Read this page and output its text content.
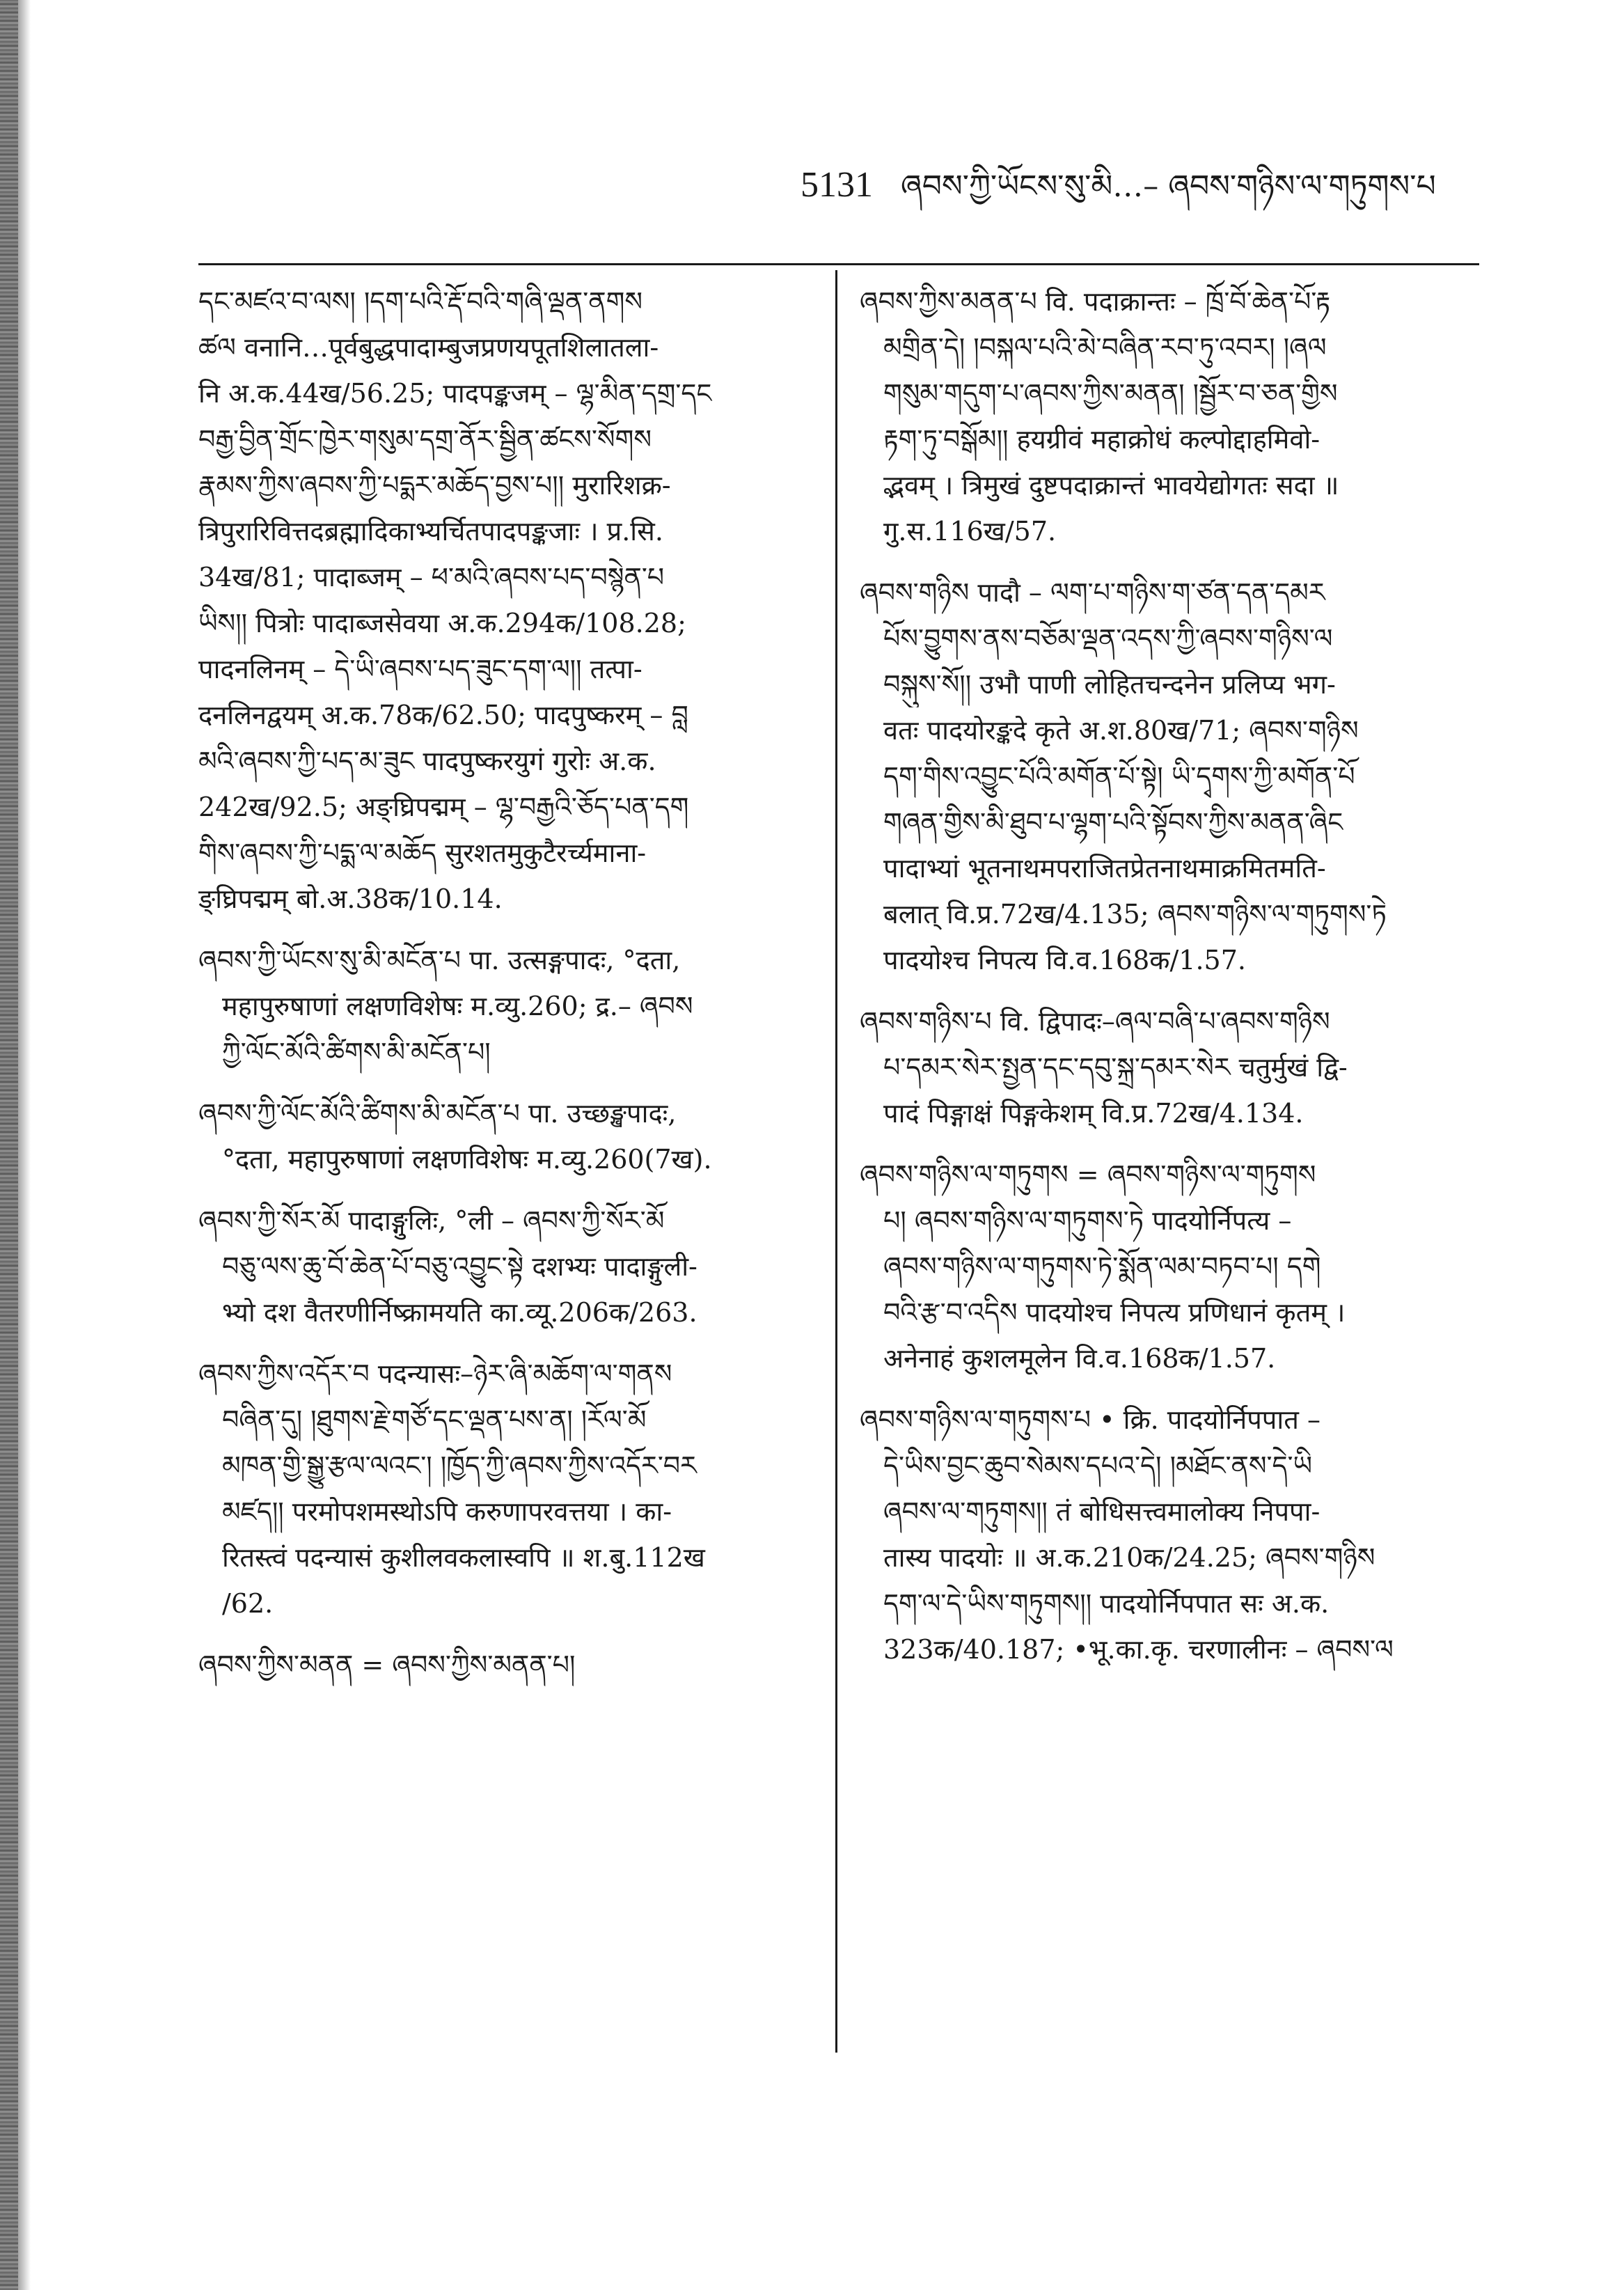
5131 ཞབས་ཀྱི་ཡོངས་སུ་མི…– ཞབས་གཉིས་ལ་གཏུགས་པ
དང་མཛའ་བ་ལས། །དག་པའི་རྡོ་བའི་གཞི་ལྡན་ནགས
ཚལ वनानि…पूर्वबुद्धपादाम्बुजप्रणयपूतशिलातला-
नि अ.क.44ख/56.25; पादपङ्कजम् – ལྷ་མིན་དགྲ་དང
བརྒྱ་བྱིན་གྲོང་ཁྱེར་གསུམ་དགྲ་ནོར་སྦྱིན་ཚངས་སོགས
རྣམས་ཀྱིས་ཞབས་ཀྱི་པདྨར་མཆོད་བྱས་པ།། मुरारिशक्र-
त्रिपुरारिवित्तदब्रह्मादिकाभ्यर्चितपादपङ्कजाः । प्र.सि.
34ख/81; पादाब्जम् – ཕ་མའི་ཞབས་པད་བསྙེན་པ
ཡིས།། पित्रोः पादाब्जसेवया अ.क.294क/108.28;
पादनलिनम् – དེ་ཡི་ཞབས་པད་ཟུང་དག་ལ།། तत्पा-
दनलिनद्वयम् अ.क.78क/62.50; पादपुष्करम् – བླ
མའི་ཞབས་ཀྱི་པད་མ་ཟུང पादपुष्करयुगं गुरोः अ.क.
242ख/92.5; अङ्घ्रिपद्मम् – ལྷ་བརྒྱའི་ཅོད་པན་དག
གིས་ཞབས་ཀྱི་པདྨ་ལ་མཆོད सुरशतमुकुटैरर्च्यमाना-
ङ्घ्रिपद्मम् बो.अ.38क/10.14.
ཞབས་ཀྱི་ཡོངས་སུ་མི་མངོན་པ पा. उत्सङ्गपादः, °दता,
महापुरुषाणां लक्षणविशेषः म.व्यु.260; द्र.– ཞབས
ཀྱི་ལོང་མོའི་ཚིགས་མི་མངོན་པ།
ཞབས་ཀྱི་ལོང་མོའི་ཚིགས་མི་མངོན་པ पा. उच्छङ्खपादः,
°दता, महापुरुषाणां लक्षणविशेषः म.व्यु.260(7ख).
ཞབས་ཀྱི་སོར་མོ पादाङ्गुलिः, °ली – ཞབས་ཀྱི་སོར་མོ
བཅུ་ལས་ཆུ་བོ་ཆེན་པོ་བཅུ་འབྱུང་སྟེ दशभ्यः पादाङ्गुली-
भ्यो दश वैतरणीर्निष्क्रामयति का.व्यू.206क/263.
ཞབས་ཀྱིས་འདོར་བ पदन्यासः–ཉེར་ཞི་མཆོག་ལ་གནས
བཞིན་དུ། །ཐུགས་རྗེ་གཙོ་དང་ལྡན་པས་ན། །རོལ་མོ
མཁན་གྱི་སྒྱུ་རྩལ་ལའང་། །ཁྱོད་ཀྱི་ཞབས་ཀྱིས་འདོར་བར
མཛད།། परमोपशमस्थोऽपि करुणापरवत्तया । का-
रितस्त्वं पदन्यासं कुशीलवकलास्वपि ॥ श.बु.112ख
/62.
ཞབས་ཀྱིས་མནན = ཞབས་ཀྱིས་མནན་པ།
ཞབས་ཀྱིས་མནན་པ वि. पदाक्रान्तः – ཁྲོ་བོ་ཆེན་པོ་རྟ
མགྲིན་དེ། །བསྐལ་པའི་མེ་བཞིན་རབ་ཏུ་འབར། །ཞལ
གསུམ་གདུག་པ་ཞབས་ཀྱིས་མནན། །སྦྱོར་བ་ཅན་གྱིས
རྟག་ཏུ་བསྒོམ།། हयग्रीवं महाक्रोधं कल्पोद्दाहमिवो-
द्भवम् । त्रिमुखं दुष्टपदाक्रान्तं भावयेद्योगतः सदा ॥
गु.स.116ख/57.
ཞབས་གཉིས पादौ – ལག་པ་གཉིས་ག་ཙན་དན་དམར
པོས་བྱུགས་ནས་བཅོམ་ལྡན་འདས་ཀྱི་ཞབས་གཉིས་ལ
བསྐུས་སོ།། उभौ पाणी लोहितचन्दनेन प्रलिप्य भग-
वतः पादयोरङ्कदे कृते अ.श.80ख/71; ཞབས་གཉིས
དག་གིས་འབྱུང་པོའི་མགོན་པོ་སྟེ། ཡི་དྭགས་ཀྱི་མགོན་པོ
གཞན་གྱིས་མི་ཐུབ་པ་ལྷག་པའི་སྟོབས་ཀྱིས་མནན་ཞིང
पादाभ्यां भूतनाथमपराजितप्रेतनाथमाक्रमितमति-
बलात् वि.प्र.72ख/4.135; ཞབས་གཉིས་ལ་གཏུགས་ཏེ
पादयोश्च निपत्य वि.व.168क/1.57.
ཞབས་གཉིས་པ वि. द्विपादः–ཞལ་བཞི་པ་ཞབས་གཉིས
པ་དམར་སེར་སྤྱན་དང་དབུ་སྐྲ་དམར་སེར चतुर्मुखं द्वि-
पादं पिङ्गाक्षं पिङ्गकेशम् वि.प्र.72ख/4.134.
ཞབས་གཉིས་ལ་གཏུགས = ཞབས་གཉིས་ལ་གཏུགས
པ། ཞབས་གཉིས་ལ་གཏུགས་ཏེ पादयोर्निपत्य –
ཞབས་གཉིས་ལ་གཏུགས་ཏེ་སྨོན་ལམ་བཏབ་པ། དགེ
བའི་རྩ་བ་འདིས पादयोश्च निपत्य प्रणिधानं कृतम् ।
अनेनाहं कुशलमूलेन वि.व.168क/1.57.
ཞབས་གཉིས་ལ་གཏུགས་པ • क्रि. पादयोर्निपपात –
དེ་ཡིས་བྱང་ཆུབ་སེམས་དཔའ་དེ། །མཐོང་ནས་དེ་ཡི
ཞབས་ལ་གཏུགས།། तं बोधिसत्त्वमालोक्य निपपा-
तास्य पादयोः ॥ अ.क.210क/24.25; ཞབས་གཉིས
དག་ལ་དེ་ཡིས་གཏུགས།། पादयोर्निपपात सः अ.क.
323क/40.187; •भू.का.कृ. चरणालीनः – ཞབས་ལ
